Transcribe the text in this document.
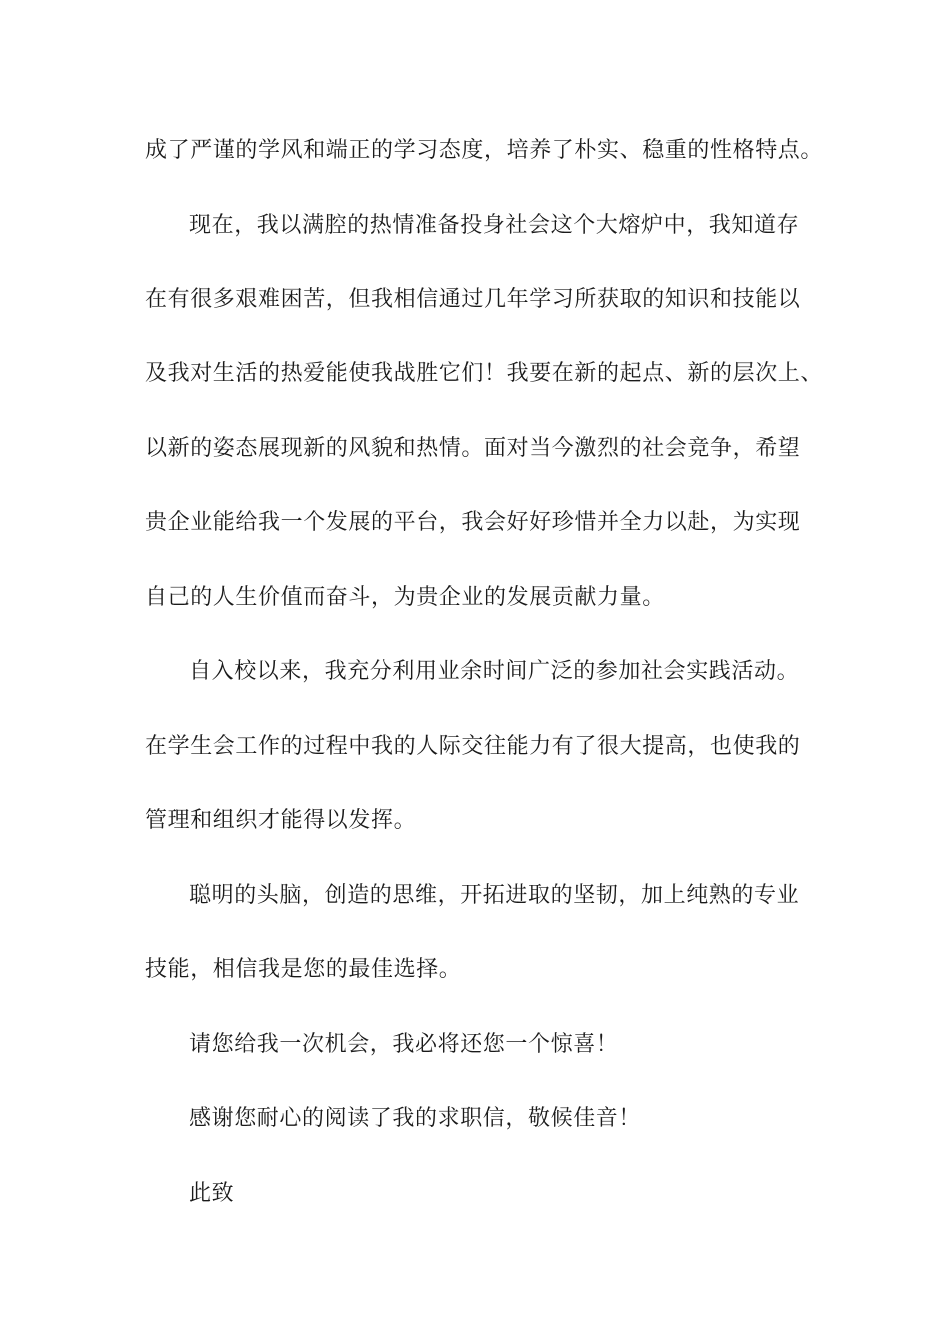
成了严谨的学风和端正的学习态度，培养了朴实、稳重的性格特点。
现在，我以满腔的热情准备投身社会这个大熔炉中，我知道存
在有很多艰难困苦，但我相信通过几年学习所获取的知识和技能以
及我对生活的热爱能使我战胜它们！我要在新的起点、新的层次上、
以新的姿态展现新的风貌和热情。面对当今激烈的社会竞争，希望
贵企业能给我一个发展的平台，我会好好珍惜并全力以赴，为实现
自己的人生价值而奋斗，为贵企业的发展贡献力量。
自入校以来，我充分利用业余时间广泛的参加社会实践活动。
在学生会工作的过程中我的人际交往能力有了很大提高，也使我的
管理和组织才能得以发挥。
聪明的头脑，创造的思维，开拓进取的坚韧，加上纯熟的专业
技能，相信我是您的最佳选择。
请您给我一次机会，我必将还您一个惊喜！
感谢您耐心的阅读了我的求职信，敬候佳音！
此致
